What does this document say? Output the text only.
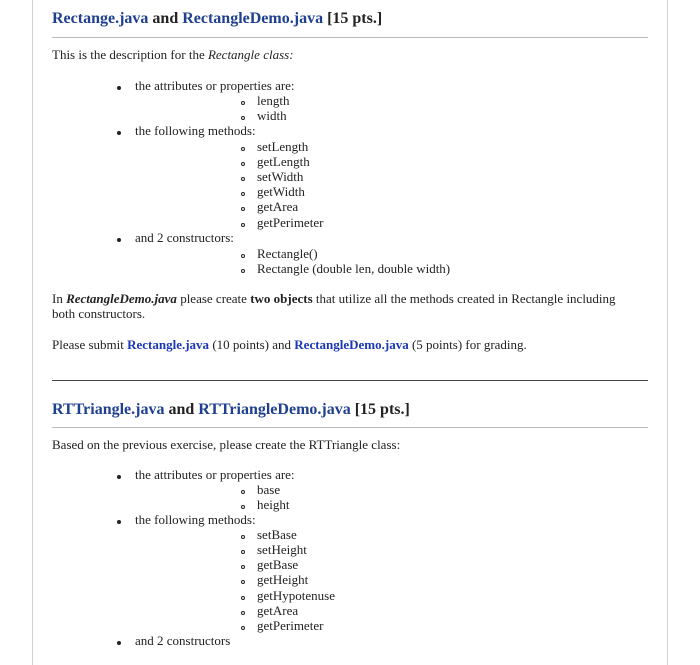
Rectange.java and RectangleDemo.java [15 pts.]
This is the description for the Rectangle class:
the attributes or properties are:
length
width
the following methods:
setLength
getLength
setWidth
getWidth
getArea
getPerimeter
and 2 constructors:
Rectangle()
Rectangle (double len, double width)
In RectangleDemo.java please create two objects that utilize all the methods created in Rectangle including
both constructors.
Please submit Rectangle.java (10 points) and RectangleDemo.java (5 points) for grading.
RTTriangle.java and RTTriangleDemo.java [15 pts.]
Based on the previous exercise, please create the RTTriangle class:
the attributes or properties are:
base
height
the following methods:
setBase
setHeight
getBase
getHeight
getHypotenuse
getArea
getPerimeter
and 2 constructors
